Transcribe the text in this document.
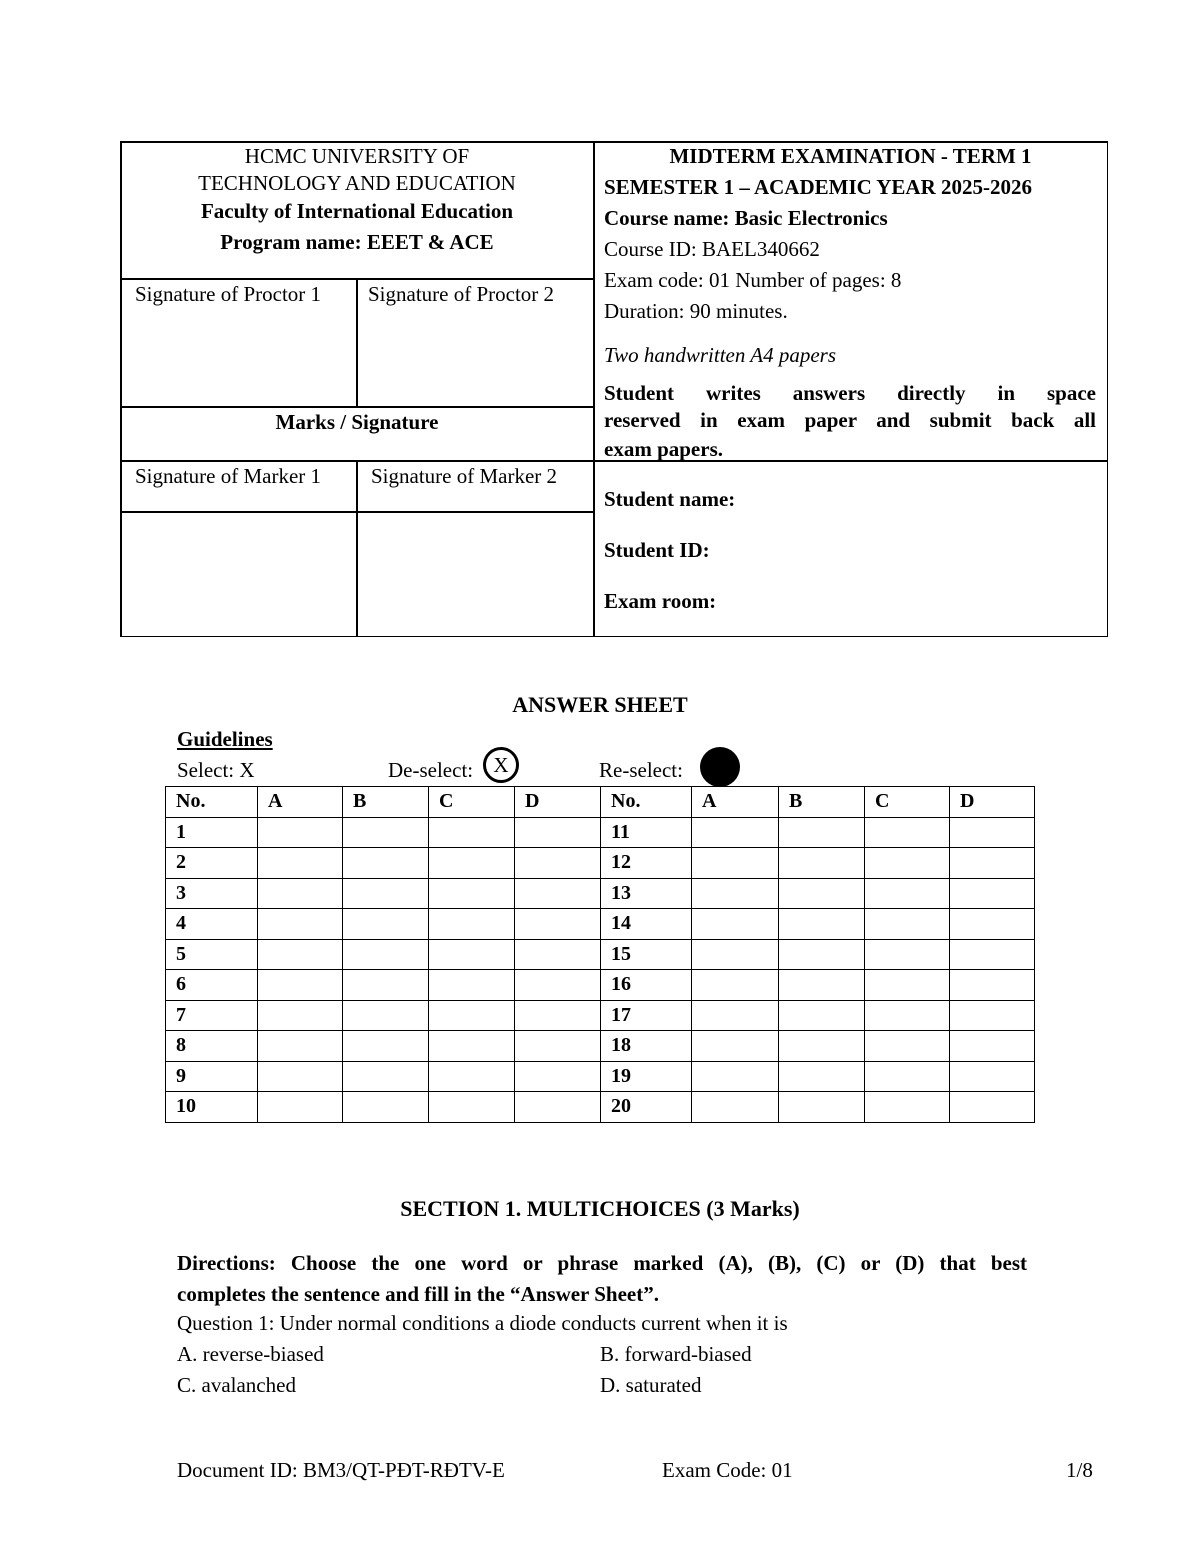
HCMC UNIVERSITY OF
TECHNOLOGY AND EDUCATION
Faculty of International Education
Program name: EEET & ACE
Signature of Proctor 1 Signature of Proctor 2
Marks / Signature
Signature of Marker 1 Signature of Marker 2
MIDTERM EXAMINATION - TERM 1
SEMESTER 1 – ACADEMIC YEAR 2025-2026
Course name: Basic Electronics
Course ID: BAEL340662
Exam code: 01 Number of pages: 8
Duration: 90 minutes.
Two handwritten A4 papers
Student writes answers directly in space
reserved in exam paper and submit back all
exam papers.
Student name:
Student ID:
Exam room:
ANSWER SHEET
Guidelines
Select: X	De-select: X	Re-select:
No.	A	B	C	D	No.	A	B	C	D
1					11				
2					12				
3					13				
4					14				
5					15				
6					16				
7					17				
8					18				
9					19				
10					20				
SECTION 1. MULTICHOICES (3 Marks)
Directions: Choose the one word or phrase marked (A), (B), (C) or (D) that best
completes the sentence and fill in the “Answer Sheet”.
Question 1: Under normal conditions a diode conducts current when it is
A. reverse-biased	B. forward-biased
C. avalanched	D. saturated
Document ID: BM3/QT-PĐT-RĐTV-E	Exam Code: 01	1/8
